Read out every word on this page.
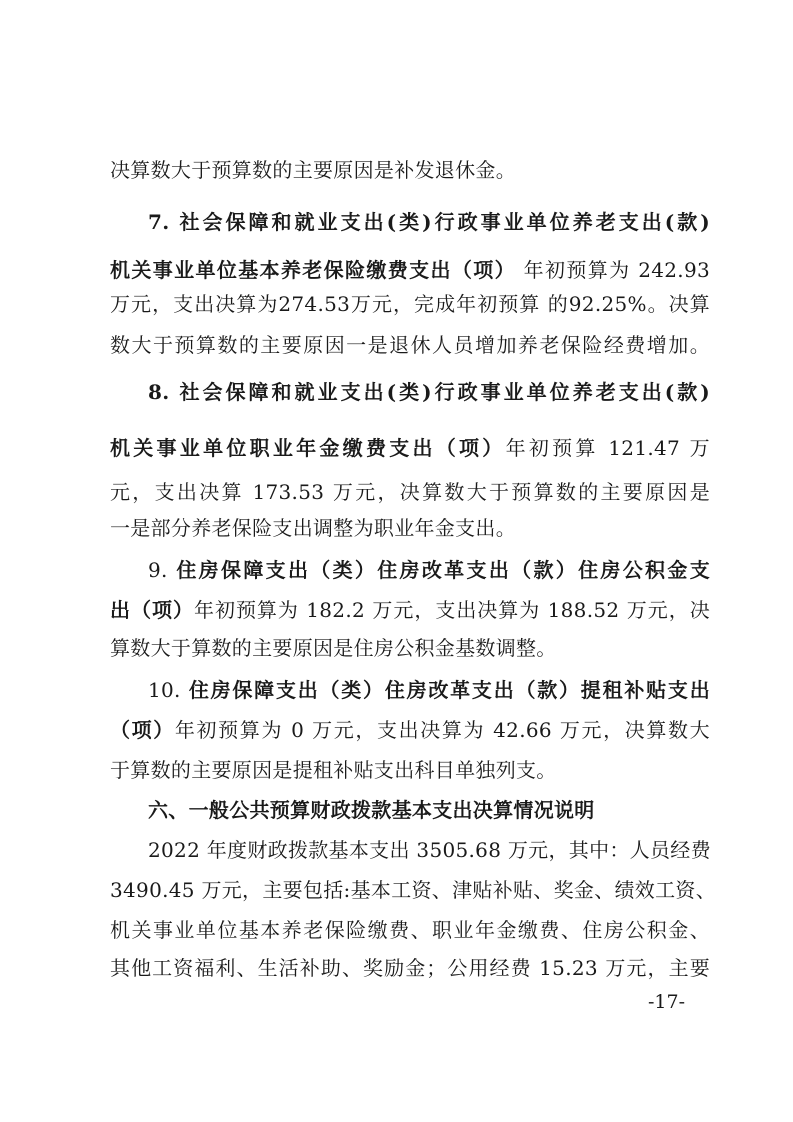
决算数大于预算数的主要原因是补发退休金。
7. 社会保障和就业支出(类)行政事业单位养老支出(款)
机关事业单位基本养老保险缴费支出（项） 年初预算为 242.93
万元，支出决算为274.53万元，完成年初预算 的92.25%。决算
数大于预算数的主要原因一是退休人员增加养老保险经费增加。
8. 社会保障和就业支出(类)行政事业单位养老支出(款)
机关事业单位职业年金缴费支出（项）年初预算 121.47 万
元，支出决算 173.53 万元，决算数大于预算数的主要原因是
一是部分养老保险支出调整为职业年金支出。
9. 住房保障支出（类）住房改革支出（款）住房公积金支
出（项）年初预算为 182.2 万元，支出决算为 188.52 万元，决
算数大于算数的主要原因是住房公积金基数调整。
10. 住房保障支出（类）住房改革支出（款）提租补贴支出
（项）年初预算为 0 万元，支出决算为 42.66 万元，决算数大
于算数的主要原因是提租补贴支出科目单独列支。
六、一般公共预算财政拨款基本支出决算情况说明
2022 年度财政拨款基本支出 3505.68 万元，其中：人员经费
3490.45 万元，主要包括:基本工资、津贴补贴、奖金、绩效工资、
机关事业单位基本养老保险缴费、职业年金缴费、住房公积金、
其他工资福利、生活补助、奖励金；公用经费 15.23 万元，主要
-17-
